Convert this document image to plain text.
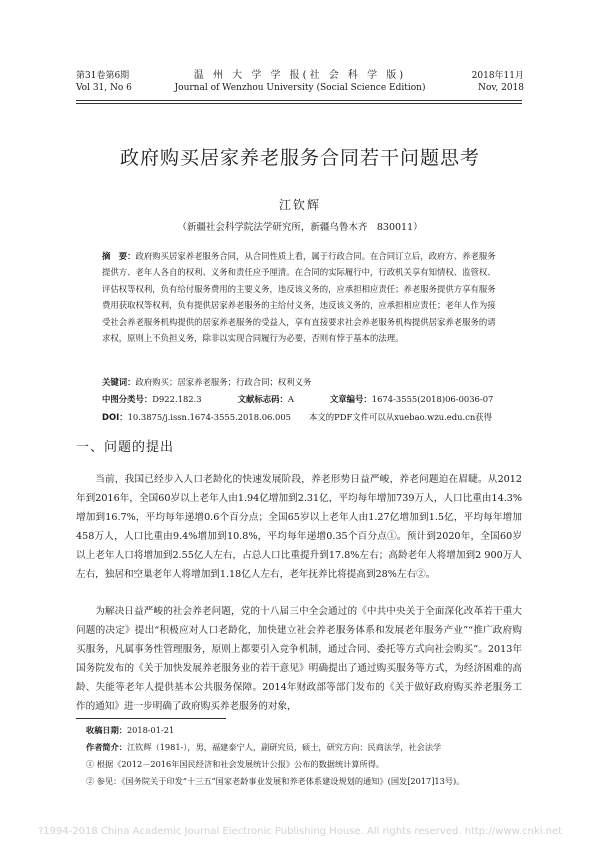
第31卷第6期
Vol 31, No 6
温 州 大 学 学 报(社 会 科 学 版)
Journal of Wenzhou University (Social Science Edition)
2018年11月
Nov, 2018
政府购买居家养老服务合同若干问题思考
江钦辉
（新疆社会科学院法学研究所，新疆乌鲁木齐　830011）
摘　要：政府购买居家养老服务合同，从合同性质上看，属于行政合同。在合同订立后，政府方、养老服务提供方、老年人各自的权利、义务和责任应予厘清。在合同的实际履行中，行政机关享有知情权、监管权、评估权等权利，负有给付服务费用的主要义务，违反该义务的，应承担相应责任；养老服务提供方享有服务费用获取权等权利，负有提供居家养老服务的主给付义务，违反该义务的，应承担相应责任；老年人作为接受社会养老服务机构提供的居家养老服务的受益人，享有直接要求社会养老服务机构提供居家养老服务的请求权，原则上不负担义务，除非以实现合同履行为必要，否则有悖于基本的法理。
关键词：政府购买；居家养老服务；行政合同；权利义务
中图分类号：D922.182.3	文献标志码：A	文章编号：1674-3555(2018)06-0036-07
DOI：10.3875/j.issn.1674-3555.2018.06.005 本文的PDF文件可以从xuebao.wzu.edu.cn获得
一、问题的提出

当前，我国已经步入人口老龄化的快速发展阶段，养老形势日益严峻，养老问题迫在眉睫。从2012年到2016年，全国60岁以上老年人由1.94亿增加到2.31亿，平均每年增加739万人，人口比重由14.3%增加到16.7%，平均每年递增0.6个百分点；全国65岁以上老年人由1.27亿增加到1.5亿，平均每年增加458万人，人口比重由9.4%增加到10.8%，平均每年递增0.35个百分点①。预计到2020年，全国60岁以上老年人口将增加到2.55亿人左右，占总人口比重提升到17.8%左右；高龄老年人将增加到2 900万人左右，独居和空巢老年人将增加到1.18亿人左右，老年抚养比将提高到28%左右②。

为解决日益严峻的社会养老问题，党的十八届三中全会通过的《中共中央关于全面深化改革若干重大问题的决定》提出“积极应对人口老龄化，加快建立社会养老服务体系和发展老年服务产业”“推广政府购买服务，凡属事务性管理服务，原则上都要引入竞争机制，通过合同、委托等方式向社会购买”。2013年国务院发布的《关于加快发展养老服务业的若干意见》明确提出了通过购买服务等方式，为经济困难的高龄、失能等老年人提供基本公共服务保障。2014年财政部等部门发布的《关于做好政府购买养老服务工作的通知》进一步明确了政府购买养老服务的对象，

收稿日期：2018-01-21
作者简介：江钦辉（1981-），男，福建泰宁人，副研究员，硕士，研究方向：民商法学，社会法学
① 根据《2012－2016年国民经济和社会发展统计公报》公布的数据统计算所得。
② 参见：《国务院关于印发“十三五”国家老龄事业发展和养老体系建设规划的通知》(国发[2017]13号)。
?1994-2018 China Academic Journal Electronic Publishing House. All rights reserved. http://www.cnki.net
